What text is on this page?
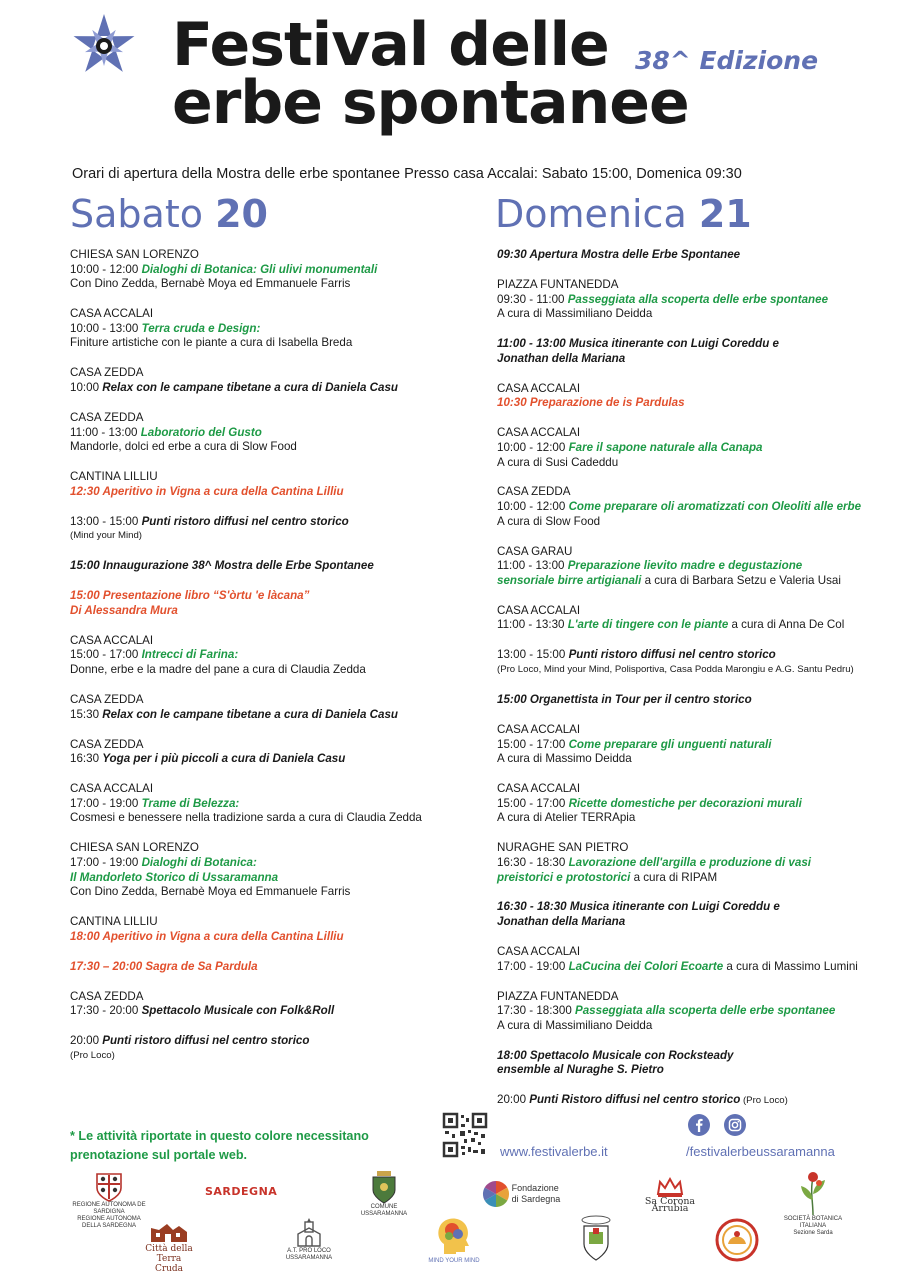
Festival delle
erbe spontanee
38^ Edizione
Orari di apertura della Mostra delle erbe spontanee Presso casa Accalai: Sabato 15:00, Domenica 09:30
Sabato 20	Domenica 21
CHIESA SAN LORENZO
10:00 - 12:00 Dialoghi di Botanica: Gli ulivi monumentali
Con Dino Zedda, Bernabè Moya ed Emmanuele Farris
CASA ACCALAI
10:00 - 13:00 Terra cruda e Design:
Finiture artistiche con le piante a cura di Isabella Breda
CASA ZEDDA
10:00 Relax con le campane tibetane a cura di Daniela Casu
CASA ZEDDA
11:00 - 13:00 Laboratorio del Gusto
Mandorle, dolci ed erbe a cura di Slow Food
CANTINA LILLIU
12:30 Aperitivo in Vigna a cura della Cantina Lilliu
13:00 - 15:00 Punti ristoro diffusi nel centro storico
(Mind your Mind)
15:00 Innaugurazione 38^ Mostra delle Erbe Spontanee
15:00 Presentazione libro “S'òrtu 'e làcana”
Di Alessandra Mura
CASA ACCALAI
15:00 - 17:00 Intrecci di Farina:
Donne, erbe e la madre del pane a cura di Claudia Zedda
CASA ZEDDA
15:30 Relax con le campane tibetane a cura di Daniela Casu
CASA ZEDDA
16:30 Yoga per i più piccoli a cura di Daniela Casu
CASA ACCALAI
17:00 - 19:00 Trame di Belezza:
Cosmesi e benessere nella tradizione sarda a cura di Claudia Zedda
CHIESA SAN LORENZO
17:00 - 19:00 Dialoghi di Botanica:
Il Mandorleto Storico di Ussaramanna
Con Dino Zedda, Bernabè Moya ed Emmanuele Farris
CANTINA LILLIU
18:00 Aperitivo in Vigna a cura della Cantina Lilliu
17:30 – 20:00 Sagra de Sa Pardula
CASA ZEDDA
17:30 - 20:00 Spettacolo Musicale con Folk&Roll
20:00 Punti ristoro diffusi nel centro storico
(Pro Loco)
09:30 Apertura Mostra delle Erbe Spontanee
PIAZZA FUNTANEDDA
09:30 - 11:00 Passeggiata alla scoperta delle erbe spontanee
A cura di Massimiliano Deidda
11:00 - 13:00 Musica itinerante con Luigi Coreddu e
Jonathan della Mariana
CASA ACCALAI
10:30 Preparazione de is Pardulas
CASA ACCALAI
10:00 - 12:00 Fare il sapone naturale alla Canapa
A cura di Susi Cadeddu
CASA ZEDDA
10:00 - 12:00 Come preparare oli aromatizzati con Oleoliti alle erbe
A cura di Slow Food
CASA GARAU
11:00 - 13:00 Preparazione lievito madre e degustazione
sensoriale birre artigianali a cura di Barbara Setzu e Valeria Usai
CASA ACCALAI
11:00 - 13:30 L'arte di tingere con le piante a cura di Anna De Col
13:00 - 15:00 Punti ristoro diffusi nel centro storico
(Pro Loco, Mind your Mind, Polisportiva, Casa Podda Marongiu e A.G. Santu Pedru)
15:00 Organettista in Tour per il centro storico
CASA ACCALAI
15:00 - 17:00 Come preparare gli unguenti naturali
A cura di Massimo Deidda
CASA ACCALAI
15:00 - 17:00 Ricette domestiche per decorazioni murali
A cura di Atelier TERRApia
NURAGHE SAN PIETRO
16:30 - 18:30 Lavorazione dell'argilla e produzione di vasi
preistorici e protostorici a cura di RIPAM
16:30 - 18:30 Musica itinerante con Luigi Coreddu e
Jonathan della Mariana
CASA ACCALAI
17:00 - 19:00 LaCucina dei Colori Ecoarte a cura di Massimo Lumini
PIAZZA FUNTANEDDA
17:30 - 18:300 Passeggiata alla scoperta delle erbe spontanee
A cura di Massimiliano Deidda
18:00 Spettacolo Musicale con Rocksteady
ensemble al Nuraghe S. Pietro
20:00 Punti Ristoro diffusi nel centro storico (Pro Loco)
* Le attività riportate in questo colore necessitano
prenotazione sul portale web.	www.festivalerbe.it	/festivalerbeussaramanna
REGIONE AUTONOMA DE SARDIGNA
REGIONE AUTONOMA DELLA SARDEGNA
SARDEGNA
COMUNE
USSARAMANNA

Fondazione
di Sardegna	Sa Corona Arrubia
SOCIETÀ BOTANICA ITALIANA
Sezione Sarda
Città della
Terra Cruda
A.T. PRO LOCO USSARAMANNA	MIND YOUR MIND
